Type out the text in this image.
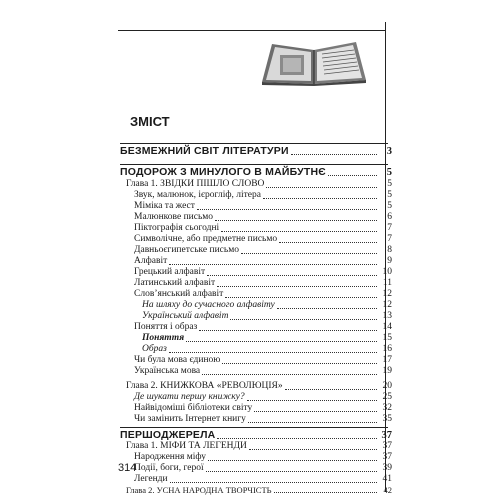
ЗМІСТ
БЕЗМЕЖНИЙ СВІТ ЛІТЕРАТУРИ	3
ПОДОРОЖ З МИНУЛОГО В МАЙБУТНЄ	5
Глава 1. ЗВІДКИ ПІШЛО СЛОВО	5
Звук, малюнок, ієрогліф, літера	5
Міміка та жест	5
Малюнкове письмо	6
Піктографія сьогодні	7
Символічне, або предметне письмо	7
Давньоєгипетське письмо	8
Алфавіт	9
Грецький алфавіт	10
Латинський алфавіт	11
Слов’янський алфавіт	12
На шляху до сучасного алфавіту	12
Український алфавіт	13
Поняття і образ	14
Поняття	15
Образ	16
Чи була мова єдиною	17
Українська мова	19
Глава 2. КНИЖКОВА «РЕВОЛЮЦІЯ»	20
Де шукати першу книжку?	25
Найвідоміші бібліотеки світу	32
Чи замінить Інтернет книгу	35
ПЕРШОДЖЕРЕЛА	37
Глава 1. МІФИ ТА ЛЕГЕНДИ	37
Народження міфу	37
Події, боги, герої	39
Легенди	41
Глава 2. УСНА НАРОДНА ТВОРЧІСТЬ	42
314
